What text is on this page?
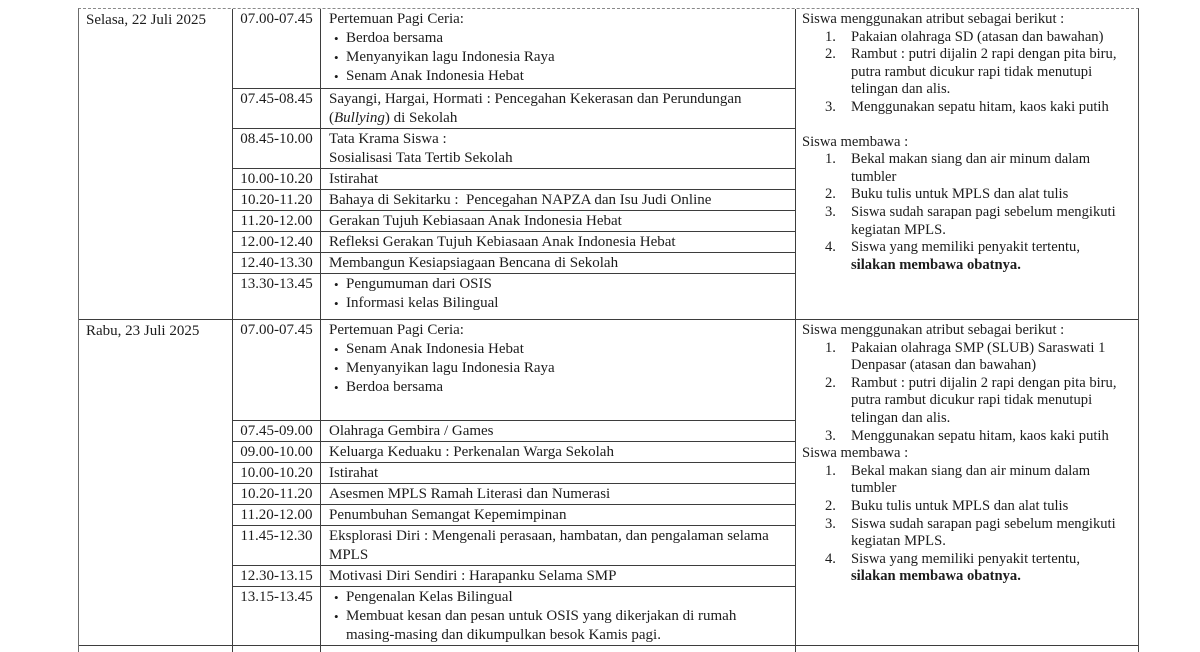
Selasa, 22 Juli 2025	07.00-07.45	Pertemuan Pagi Ceria:
• Berdoa bersama
• Menyanyikan lagu Indonesia Raya
• Senam Anak Indonesia Hebat
07.45-08.45	Sayangi, Hargai, Hormati : Pencegahan Kekerasan dan Perundungan (Bullying) di Sekolah
08.45-10.00	Tata Krama Siswa :
Sosialisasi Tata Tertib Sekolah
10.00-10.20	Istirahat
10.20-11.20	Bahaya di Sekitarku :  Pencegahan NAPZA dan Isu Judi Online
11.20-12.00	Gerakan Tujuh Kebiasaan Anak Indonesia Hebat
12.00-12.40	Refleksi Gerakan Tujuh Kebiasaan Anak Indonesia Hebat
12.40-13.30	Membangun Kesiapsiagaan Bencana di Sekolah
13.30-13.45	• Pengumuman dari OSIS
• Informasi kelas Bilingual
Siswa menggunakan atribut sebagai berikut :
1.	Pakaian olahraga SD (atasan dan bawahan)
2.	Rambut : putri dijalin 2 rapi dengan pita biru,
putra rambut dicukur rapi tidak menutupi
telingan dan alis.
3.	Menggunakan sepatu hitam, kaos kaki putih
Siswa membawa :
1.	Bekal makan siang dan air minum dalam
tumbler
2.	Buku tulis untuk MPLS dan alat tulis
3.	Siswa sudah sarapan pagi sebelum mengikuti
kegiatan MPLS.
4.	Siswa yang memiliki penyakit tertentu,
silakan membawa obatnya.
Rabu, 23 Juli 2025	07.00-07.45	Pertemuan Pagi Ceria:
• Senam Anak Indonesia Hebat
• Menyanyikan lagu Indonesia Raya
• Berdoa bersama
07.45-09.00	Olahraga Gembira / Games
09.00-10.00	Keluarga Keduaku : Perkenalan Warga Sekolah
10.00-10.20	Istirahat
10.20-11.20	Asesmen MPLS Ramah Literasi dan Numerasi
11.20-12.00	Penumbuhan Semangat Kepemimpinan
11.45-12.30	Eksplorasi Diri : Mengenali perasaan, hambatan, dan pengalaman selama MPLS
12.30-13.15	Motivasi Diri Sendiri : Harapanku Selama SMP
13.15-13.45	• Pengenalan Kelas Bilingual
• Membuat kesan dan pesan untuk OSIS yang dikerjakan di rumah masing-masing dan dikumpulkan besok Kamis pagi.
Siswa menggunakan atribut sebagai berikut :
1.	Pakaian olahraga SMP (SLUB) Saraswati 1
Denpasar (atasan dan bawahan)
2.	Rambut : putri dijalin 2 rapi dengan pita biru,
putra rambut dicukur rapi tidak menutupi
telingan dan alis.
3.	Menggunakan sepatu hitam, kaos kaki putih
Siswa membawa :
1.	Bekal makan siang dan air minum dalam
tumbler
2.	Buku tulis untuk MPLS dan alat tulis
3.	Siswa sudah sarapan pagi sebelum mengikuti
kegiatan MPLS.
4.	Siswa yang memiliki penyakit tertentu,
silakan membawa obatnya.
